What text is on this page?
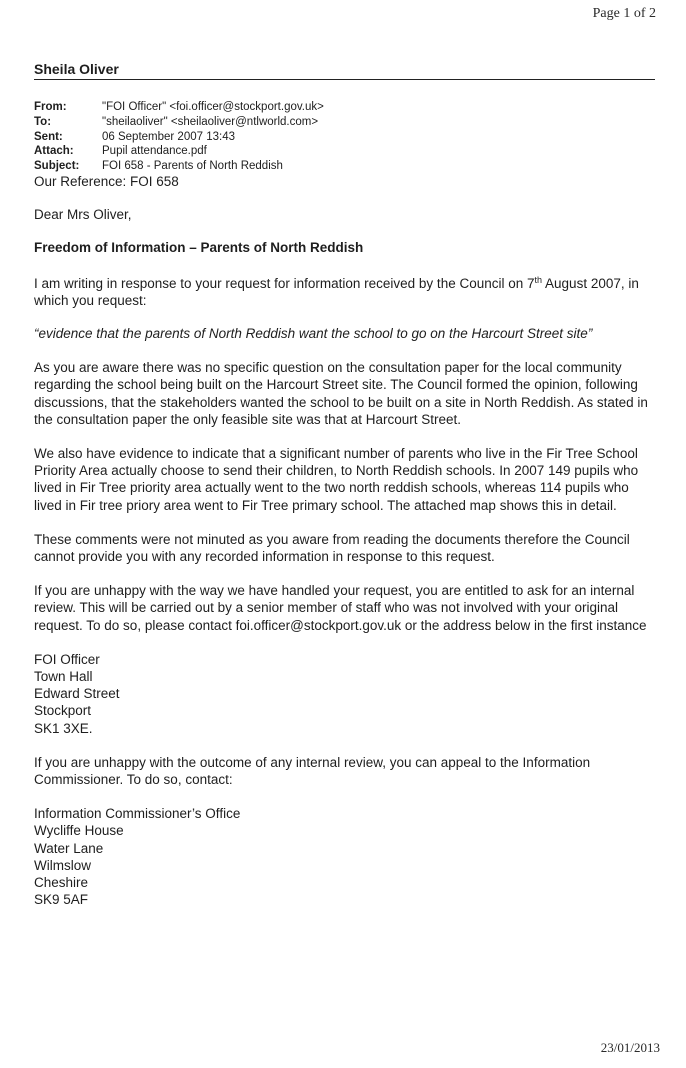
Page 1 of 2
Sheila Oliver
From:	"FOI Officer" <foi.officer@stockport.gov.uk>
To:	"sheilaoliver" <sheilaoliver@ntlworld.com>
Sent:	06 September 2007 13:43
Attach:	Pupil attendance.pdf
Subject:	FOI 658 - Parents of North Reddish

Our Reference: FOI 658

Dear Mrs Oliver,

Freedom of Information – Parents of North Reddish

I am writing in response to your request for information received by the Council on 7th August 2007, in which you request:

“evidence that the parents of North Reddish want the school to go on the Harcourt Street site”

As you are aware there was no specific question on the consultation paper for the local community regarding the school being built on the Harcourt Street site. The Council formed the opinion, following discussions, that the stakeholders wanted the school to be built on a site in North Reddish. As stated in the consultation paper the only feasible site was that at Harcourt Street.

We also have evidence to indicate that a significant number of parents who live in the Fir Tree School Priority Area actually choose to send their children, to North Reddish schools. In 2007 149 pupils who lived in Fir Tree priority area actually went to the two north reddish schools, whereas 114 pupils who lived in Fir tree priory area went to Fir Tree primary school. The attached map shows this in detail.

These comments were not minuted as you aware from reading the documents therefore the Council cannot provide you with any recorded information in response to this request.

If you are unhappy with the way we have handled your request, you are entitled to ask for an internal review. This will be carried out by a senior member of staff who was not involved with your original request. To do so, please contact foi.officer@stockport.gov.uk or the address below in the first instance

FOI Officer
Town Hall
Edward Street
Stockport
SK1 3XE.

If you are unhappy with the outcome of any internal review, you can appeal to the Information Commissioner. To do so, contact:

Information Commissioner’s Office
Wycliffe House
Water Lane
Wilmslow
Cheshire
SK9 5AF
23/01/2013
